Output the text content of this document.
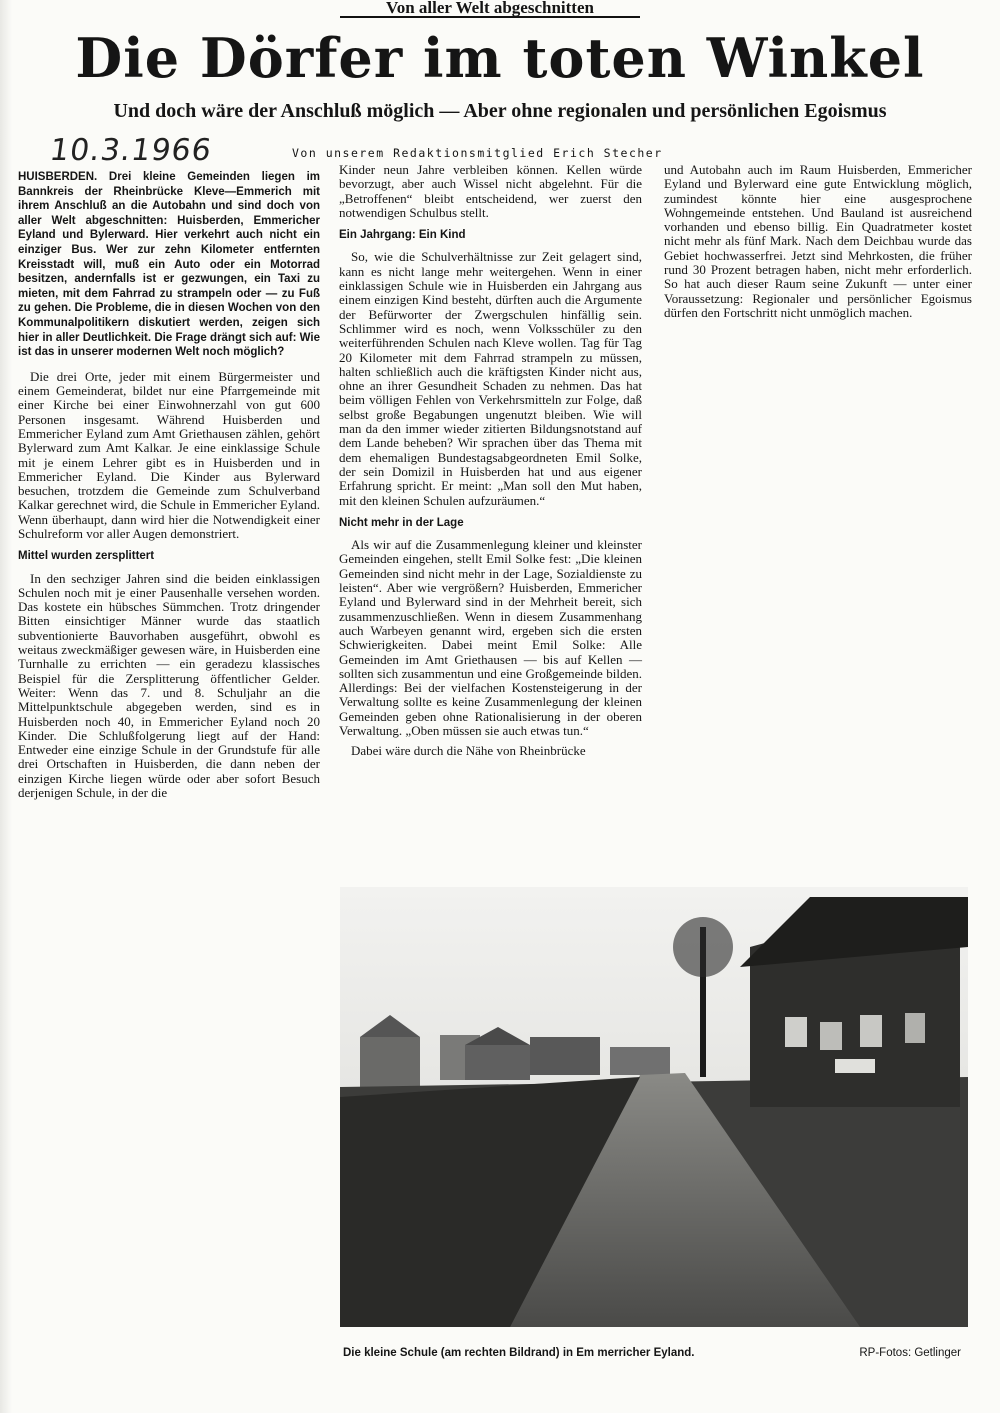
Von aller Welt abgeschnitten
Die Dörfer im toten Winkel
Und doch wäre der Anschluß möglich — Aber ohne regionalen und persönlichen Egoismus
10.3.1966	Von unserem Redaktionsmitglied Erich Stecher
HUISBERDEN. Drei kleine Gemeinden liegen im Bannkreis der Rheinbrücke Kleve—Emmerich mit ihrem Anschluß an die Autobahn und sind doch von aller Welt abgeschnitten: Huisberden, Emmericher Eyland und Bylerward. Hier verkehrt auch nicht ein einziger Bus. Wer zur zehn Kilometer entfernten Kreisstadt will, muß ein Auto oder ein Motorrad besitzen, andernfalls ist er gezwungen, ein Taxi zu mieten, mit dem Fahrrad zu strampeln oder — zu Fuß zu gehen. Die Probleme, die in diesen Wochen von den Kommunalpolitikern diskutiert werden, zeigen sich hier in aller Deutlichkeit. Die Frage drängt sich auf: Wie ist das in unserer modernen Welt noch möglich?

Die drei Orte, jeder mit einem Bürgermeister und einem Gemeinderat, bildet nur eine Pfarrgemeinde mit einer Kirche bei einer Einwohnerzahl von gut 600 Personen insgesamt. Während Huisberden und Emmericher Eyland zum Amt Griethausen zählen, gehört Bylerward zum Amt Kalkar. Je eine einklassige Schule mit je einem Lehrer gibt es in Huisberden und in Emmericher Eyland. Die Kinder aus Bylerward besuchen, trotzdem die Gemeinde zum Schulverband Kalkar gerechnet wird, die Schule in Emmericher Eyland. Wenn überhaupt, dann wird hier die Notwendigkeit einer Schulreform vor aller Augen demonstriert.

Mittel wurden zersplittert

In den sechziger Jahren sind die beiden einklassigen Schulen noch mit je einer Pausenhalle versehen worden. Das kostete ein hübsches Sümmchen. Trotz dringender Bitten einsichtiger Männer wurde das staatlich subventionierte Bauvorhaben ausgeführt, obwohl es weitaus zweckmäßiger gewesen wäre, in Huisberden eine Turnhalle zu errichten — ein geradezu klassisches Beispiel für die Zersplitterung öffentlicher Gelder. Weiter: Wenn das 7. und 8. Schuljahr an die Mittelpunktschule abgegeben werden, sind es in Huisberden noch 40, in Emmericher Eyland noch 20 Kinder. Die Schlußfolgerung liegt auf der Hand: Entweder eine einzige Schule in der Grundstufe für alle drei Ortschaften in Huisberden, die dann neben der einzigen Kirche liegen würde oder aber sofort Besuch derjenigen Schule, in der die

Kinder neun Jahre verbleiben können. Kellen würde bevorzugt, aber auch Wissel nicht abgelehnt. Für die „Betroffenen“ bleibt entscheidend, wer zuerst den notwendigen Schulbus stellt.

Ein Jahrgang: Ein Kind

So, wie die Schulverhältnisse zur Zeit gelagert sind, kann es nicht lange mehr weitergehen. Wenn in einer einklassigen Schule wie in Huisberden ein Jahrgang aus einem einzigen Kind besteht, dürften auch die Argumente der Befürworter der Zwergschulen hinfällig sein. Schlimmer wird es noch, wenn Volksschüler zu den weiterführenden Schulen nach Kleve wollen. Tag für Tag 20 Kilometer mit dem Fahrrad strampeln zu müssen, halten schließlich auch die kräftigsten Kinder nicht aus, ohne an ihrer Gesundheit Schaden zu nehmen. Das hat beim völligen Fehlen von Verkehrsmitteln zur Folge, daß selbst große Begabungen ungenutzt bleiben. Wie will man da den immer wieder zitierten Bildungsnotstand auf dem Lande beheben? Wir sprachen über das Thema mit dem ehemaligen Bundestagsabgeordneten Emil Solke, der sein Domizil in Huisberden hat und aus eigener Erfahrung spricht. Er meint: „Man soll den Mut haben, mit den kleinen Schulen aufzuräumen.“

Nicht mehr in der Lage

Als wir auf die Zusammenlegung kleiner und kleinster Gemeinden eingehen, stellt Emil Solke fest: „Die kleinen Gemeinden sind nicht mehr in der Lage, Sozialdienste zu leisten“. Aber wie vergrößern? Huisberden, Emmericher Eyland und Bylerward sind in der Mehrheit bereit, sich zusammenzuschließen. Wenn in diesem Zusammenhang auch Warbeyen genannt wird, ergeben sich die ersten Schwierigkeiten. Dabei meint Emil Solke: Alle Gemeinden im Amt Griethausen — bis auf Kellen — sollten sich zusammentun und eine Großgemeinde bilden. Allerdings: Bei der vielfachen Kostensteigerung in der Verwaltung sollte es keine Zusammenlegung der kleinen Gemeinden geben ohne Rationalisierung in der oberen Verwaltung. „Oben müssen sie auch etwas tun.“

Dabei wäre durch die Nähe von Rheinbrücke

und Autobahn auch im Raum Huisberden, Emmericher Eyland und Bylerward eine gute Entwicklung möglich, zumindest könnte hier eine ausgesprochene Wohngemeinde entstehen. Und Bauland ist ausreichend vorhanden und ebenso billig. Ein Quadratmeter kostet nicht mehr als fünf Mark. Nach dem Deichbau wurde das Gebiet hochwasserfrei. Jetzt sind Mehrkosten, die früher rund 30 Prozent betragen haben, nicht mehr erforderlich. So hat auch dieser Raum seine Zukunft — unter einer Voraussetzung: Regionaler und persönlicher Egoismus dürfen den Fortschritt nicht unmöglich machen.

Die kleine Schule (am rechten Bildrand) in Em merricher Eyland.	RP-Fotos: Getlinger
